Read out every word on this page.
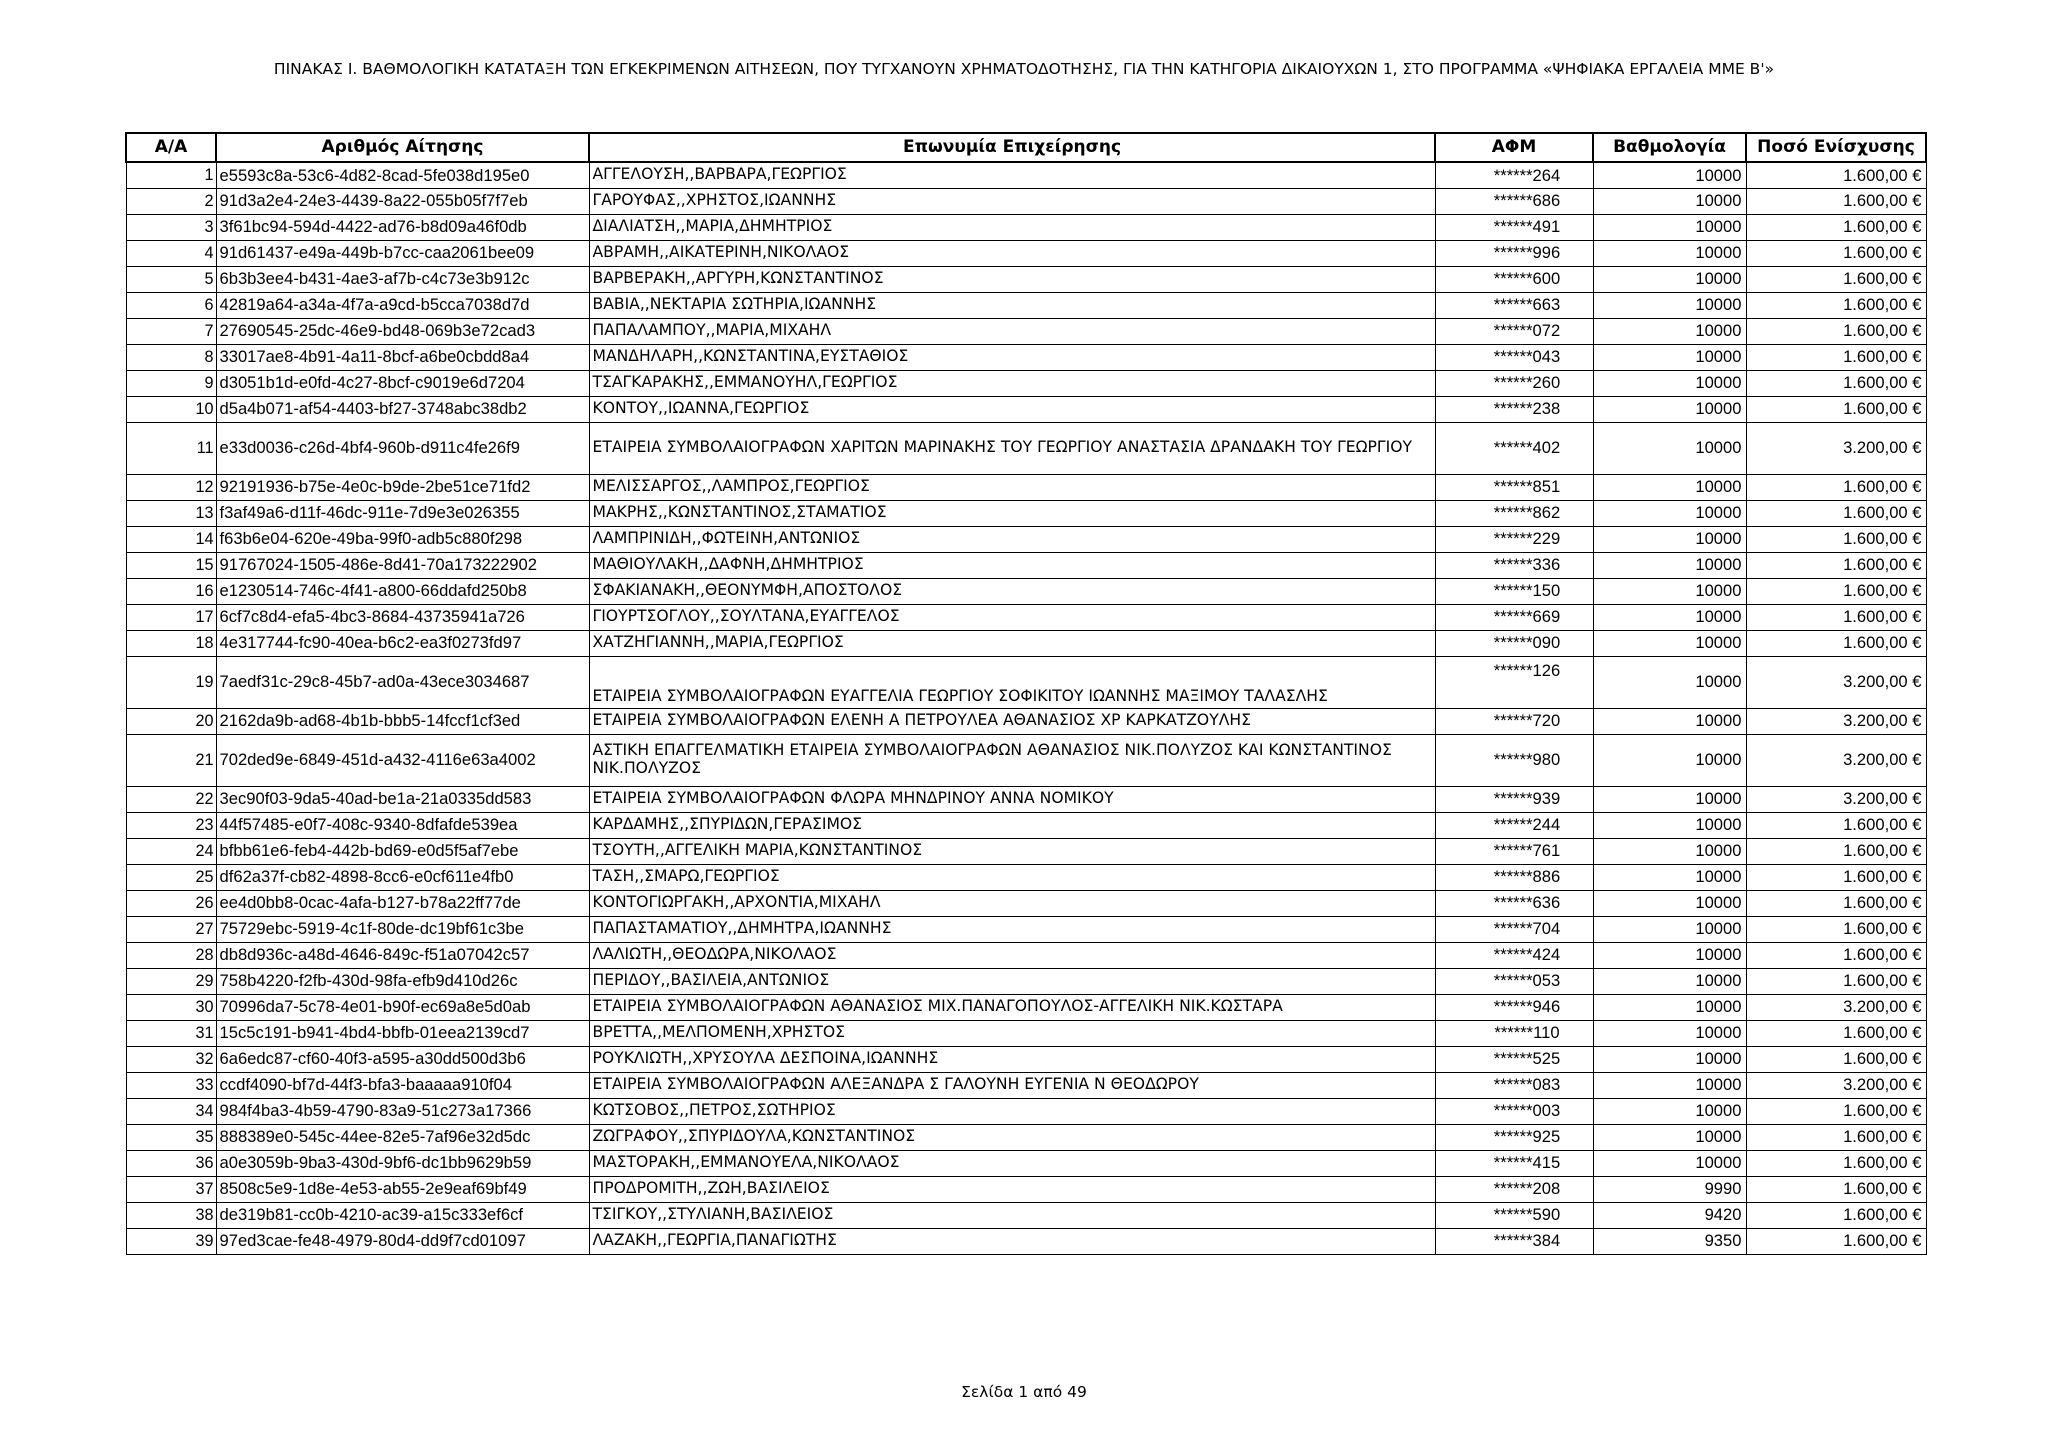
ΠΙΝΑΚΑΣ Ι. ΒΑΘΜΟΛΟΓΙΚΗ ΚΑΤΑΤΑΞΗ ΤΩΝ ΕΓΚΕΚΡΙΜΕΝΩΝ ΑΙΤΗΣΕΩΝ, ΠΟΥ ΤΥΓΧΑΝΟΥΝ ΧΡΗΜΑΤΟΔΟΤΗΣΗΣ, ΓΙΑ ΤΗΝ ΚΑΤΗΓΟΡΙΑ ΔΙΚΑΙΟΥΧΩΝ 1, ΣΤΟ ΠΡΟΓΡΑΜΜΑ «ΨΗΦΙΑΚΑ ΕΡΓΑΛΕΙΑ ΜΜΕ Β'»
Α/Α	Αριθμός Αίτησης	Επωνυμία Επιχείρησης	ΑΦΜ	Βαθμολογία	Ποσό Ενίσχυσης
1	e5593c8a-53c6-4d82-8cad-5fe038d195e0	ΑΓΓΕΛΟΥΣΗ,,ΒΑΡΒΑΡΑ,ΓΕΩΡΓΙΟΣ	******264	10000	1.600,00 €
2	91d3a2e4-24e3-4439-8a22-055b05f7f7eb	ΓΑΡΟΥΦΑΣ,,ΧΡΗΣΤΟΣ,ΙΩΑΝΝΗΣ	******686	10000	1.600,00 €
3	3f61bc94-594d-4422-ad76-b8d09a46f0db	ΔΙΑΛΙΑΤΣΗ,,ΜΑΡΙΑ,ΔΗΜΗΤΡΙΟΣ	******491	10000	1.600,00 €
4	91d61437-e49a-449b-b7cc-caa2061bee09	ΑΒΡΑΜΗ,,ΑΙΚΑΤΕΡΙΝΗ,ΝΙΚΟΛΑΟΣ	******996	10000	1.600,00 €
5	6b3b3ee4-b431-4ae3-af7b-c4c73e3b912c	ΒΑΡΒΕΡΑΚΗ,,ΑΡΓΥΡΗ,ΚΩΝΣΤΑΝΤΙΝΟΣ	******600	10000	1.600,00 €
6	42819a64-a34a-4f7a-a9cd-b5cca7038d7d	ΒΑΒΙΑ,,ΝΕΚΤΑΡΙΑ ΣΩΤΗΡΙΑ,ΙΩΑΝΝΗΣ	******663	10000	1.600,00 €
7	27690545-25dc-46e9-bd48-069b3e72cad3	ΠΑΠΑΛΑΜΠΟΥ,,ΜΑΡΙΑ,ΜΙΧΑΗΛ	******072	10000	1.600,00 €
8	33017ae8-4b91-4a11-8bcf-a6be0cbdd8a4	ΜΑΝΔΗΛΑΡΗ,,ΚΩΝΣΤΑΝΤΙΝΑ,ΕΥΣΤΑΘΙΟΣ	******043	10000	1.600,00 €
9	d3051b1d-e0fd-4c27-8bcf-c9019e6d7204	ΤΣΑΓΚΑΡΑΚΗΣ,,ΕΜΜΑΝΟΥΗΛ,ΓΕΩΡΓΙΟΣ	******260	10000	1.600,00 €
10	d5a4b071-af54-4403-bf27-3748abc38db2	ΚΟΝΤΟΥ,,ΙΩΑΝΝΑ,ΓΕΩΡΓΙΟΣ	******238	10000	1.600,00 €
11	e33d0036-c26d-4bf4-960b-d911c4fe26f9	ΕΤΑΙΡΕΙΑ ΣΥΜΒΟΛΑΙΟΓΡΑΦΩΝ ΧΑΡΙΤΩΝ ΜΑΡΙΝΑΚΗΣ ΤΟΥ ΓΕΩΡΓΙΟΥ ΑΝΑΣΤΑΣΙΑ ΔΡΑΝΔΑΚΗ ΤΟΥ ΓΕΩΡΓΙΟΥ	******402	10000	3.200,00 €
12	92191936-b75e-4e0c-b9de-2be51ce71fd2	ΜΕΛΙΣΣΑΡΓΟΣ,,ΛΑΜΠΡΟΣ,ΓΕΩΡΓΙΟΣ	******851	10000	1.600,00 €
13	f3af49a6-d11f-46dc-911e-7d9e3e026355	ΜΑΚΡΗΣ,,ΚΩΝΣΤΑΝΤΙΝΟΣ,ΣΤΑΜΑΤΙΟΣ	******862	10000	1.600,00 €
14	f63b6e04-620e-49ba-99f0-adb5c880f298	ΛΑΜΠΡΙΝΙΔΗ,,ΦΩΤΕΙΝΗ,ΑΝΤΩΝΙΟΣ	******229	10000	1.600,00 €
15	91767024-1505-486e-8d41-70a173222902	ΜΑΘΙΟΥΛΑΚΗ,,ΔΑΦΝΗ,ΔΗΜΗΤΡΙΟΣ	******336	10000	1.600,00 €
16	e1230514-746c-4f41-a800-66ddafd250b8	ΣΦΑΚΙΑΝΑΚΗ,,ΘΕΟΝΥΜΦΗ,ΑΠΟΣΤΟΛΟΣ	******150	10000	1.600,00 €
17	6cf7c8d4-efa5-4bc3-8684-43735941a726	ΓΙΟΥΡΤΣΟΓΛΟΥ,,ΣΟΥΛΤΑΝΑ,ΕΥΑΓΓΕΛΟΣ	******669	10000	1.600,00 €
18	4e317744-fc90-40ea-b6c2-ea3f0273fd97	ΧΑΤΖΗΓΙΑΝΝΗ,,ΜΑΡΙΑ,ΓΕΩΡΓΙΟΣ	******090	10000	1.600,00 €
19	7aedf31c-29c8-45b7-ad0a-43ece3034687	ΕΤΑΙΡΕΙΑ ΣΥΜΒΟΛΑΙΟΓΡΑΦΩΝ ΕΥΑΓΓΕΛΙΑ ΓΕΩΡΓΙΟΥ ΣΟΦΙΚΙΤΟΥ ΙΩΑΝΝΗΣ ΜΑΞΙΜΟΥ ΤΑΛΑΣΛΗΣ	******126	10000	3.200,00 €
20	2162da9b-ad68-4b1b-bbb5-14fccf1cf3ed	ΕΤΑΙΡΕΙΑ ΣΥΜΒΟΛΑΙΟΓΡΑΦΩΝ ΕΛΕΝΗ Α ΠΕΤΡΟΥΛΕΑ ΑΘΑΝΑΣΙΟΣ ΧΡ ΚΑΡΚΑΤΖΟΥΛΗΣ	******720	10000	3.200,00 €
21	702ded9e-6849-451d-a432-4116e63a4002	ΑΣΤΙΚΗ ΕΠΑΓΓΕΛΜΑΤΙΚΗ ΕΤΑΙΡΕΙΑ ΣΥΜΒΟΛΑΙΟΓΡΑΦΩΝ ΑΘΑΝΑΣΙΟΣ ΝΙΚ.ΠΟΛΥΖΟΣ ΚΑΙ ΚΩΝΣΤΑΝΤΙΝΟΣ ΝΙΚ.ΠΟΛΥΖΟΣ	******980	10000	3.200,00 €
22	3ec90f03-9da5-40ad-be1a-21a0335dd583	ΕΤΑΙΡΕΙΑ ΣΥΜΒΟΛΑΙΟΓΡΑΦΩΝ ΦΛΩΡΑ ΜΗΝΔΡΙΝΟΥ ΑΝΝΑ ΝΟΜΙΚΟΥ	******939	10000	3.200,00 €
23	44f57485-e0f7-408c-9340-8dfafde539ea	ΚΑΡΔΑΜΗΣ,,ΣΠΥΡΙΔΩΝ,ΓΕΡΑΣΙΜΟΣ	******244	10000	1.600,00 €
24	bfbb61e6-feb4-442b-bd69-e0d5f5af7ebe	ΤΣΟΥΤΗ,,ΑΓΓΕΛΙΚΗ ΜΑΡΙΑ,ΚΩΝΣΤΑΝΤΙΝΟΣ	******761	10000	1.600,00 €
25	df62a37f-cb82-4898-8cc6-e0cf611e4fb0	ΤΑΣΗ,,ΣΜΑΡΩ,ΓΕΩΡΓΙΟΣ	******886	10000	1.600,00 €
26	ee4d0bb8-0cac-4afa-b127-b78a22ff77de	ΚΟΝΤΟΓΙΩΡΓΑΚΗ,,ΑΡΧΟΝΤΙΑ,ΜΙΧΑΗΛ	******636	10000	1.600,00 €
27	75729ebc-5919-4c1f-80de-dc19bf61c3be	ΠΑΠΑΣΤΑΜΑΤΙΟΥ,,ΔΗΜΗΤΡΑ,ΙΩΑΝΝΗΣ	******704	10000	1.600,00 €
28	db8d936c-a48d-4646-849c-f51a07042c57	ΛΑΛΙΩΤΗ,,ΘΕΟΔΩΡΑ,ΝΙΚΟΛΑΟΣ	******424	10000	1.600,00 €
29	758b4220-f2fb-430d-98fa-efb9d410d26c	ΠΕΡΙΔΟΥ,,ΒΑΣΙΛΕΙΑ,ΑΝΤΩΝΙΟΣ	******053	10000	1.600,00 €
30	70996da7-5c78-4e01-b90f-ec69a8e5d0ab	ΕΤΑΙΡΕΙΑ ΣΥΜΒΟΛΑΙΟΓΡΑΦΩΝ ΑΘΑΝΑΣΙΟΣ ΜΙΧ.ΠΑΝΑΓΟΠΟΥΛΟΣ-ΑΓΓΕΛΙΚΗ ΝΙΚ.ΚΩΣΤΑΡΑ	******946	10000	3.200,00 €
31	15c5c191-b941-4bd4-bbfb-01eea2139cd7	ΒΡΕΤΤΑ,,ΜΕΛΠΟΜΕΝΗ,ΧΡΗΣΤΟΣ	******110	10000	1.600,00 €
32	6a6edc87-cf60-40f3-a595-a30dd500d3b6	ΡΟΥΚΛΙΩΤΗ,,ΧΡΥΣΟΥΛΑ ΔΕΣΠΟΙΝΑ,ΙΩΑΝΝΗΣ	******525	10000	1.600,00 €
33	ccdf4090-bf7d-44f3-bfa3-baaaaa910f04	ΕΤΑΙΡΕΙΑ ΣΥΜΒΟΛΑΙΟΓΡΑΦΩΝ ΑΛΕΞΑΝΔΡΑ Σ ΓΑΛΟΥΝΗ ΕΥΓΕΝΙΑ Ν ΘΕΟΔΩΡΟΥ	******083	10000	3.200,00 €
34	984f4ba3-4b59-4790-83a9-51c273a17366	ΚΩΤΣΟΒΟΣ,,ΠΕΤΡΟΣ,ΣΩΤΗΡΙΟΣ	******003	10000	1.600,00 €
35	888389e0-545c-44ee-82e5-7af96e32d5dc	ΖΩΓΡΑΦΟΥ,,ΣΠΥΡΙΔΟΥΛΑ,ΚΩΝΣΤΑΝΤΙΝΟΣ	******925	10000	1.600,00 €
36	a0e3059b-9ba3-430d-9bf6-dc1bb9629b59	ΜΑΣΤΟΡΑΚΗ,,ΕΜΜΑΝΟΥΕΛΑ,ΝΙΚΟΛΑΟΣ	******415	10000	1.600,00 €
37	8508c5e9-1d8e-4e53-ab55-2e9eaf69bf49	ΠΡΟΔΡΟΜΙΤΗ,,ΖΩΗ,ΒΑΣΙΛΕΙΟΣ	******208	9990	1.600,00 €
38	de319b81-cc0b-4210-ac39-a15c333ef6cf	ΤΣΙΓΚΟΥ,,ΣΤΥΛΙΑΝΗ,ΒΑΣΙΛΕΙΟΣ	******590	9420	1.600,00 €
39	97ed3cae-fe48-4979-80d4-dd9f7cd01097	ΛΑΖΑΚΗ,,ΓΕΩΡΓΙΑ,ΠΑΝΑΓΙΩΤΗΣ	******384	9350	1.600,00 €
Σελίδα 1 από 49
